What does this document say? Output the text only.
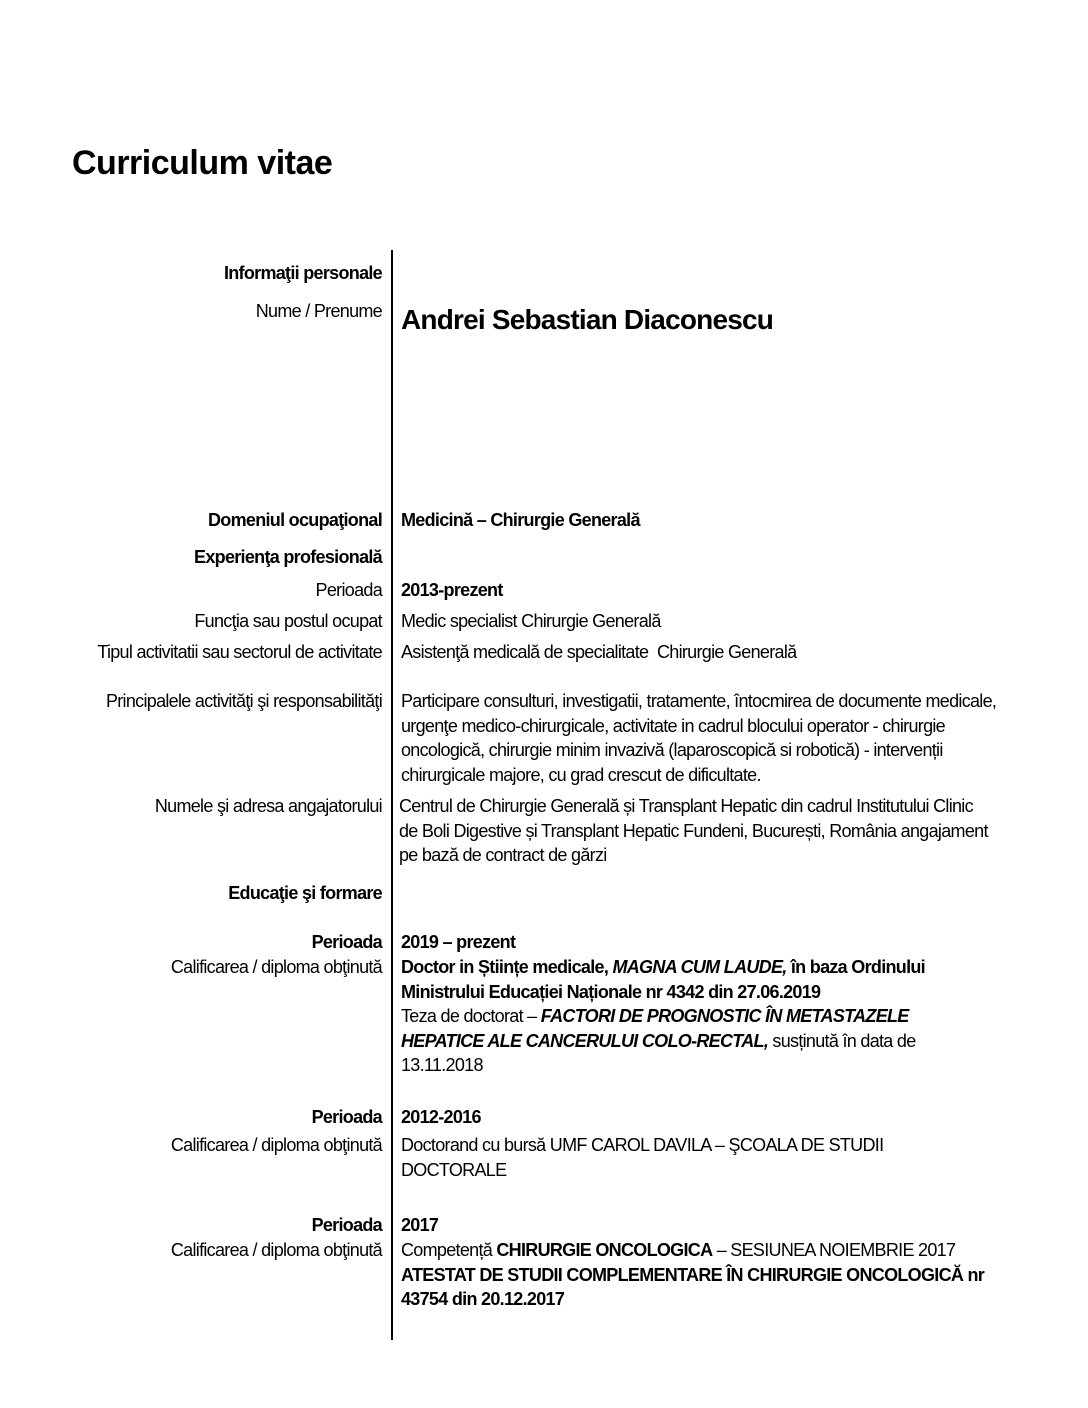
Curriculum vitae
Informaţii personale
Nume / Prenume Andrei Sebastian Diaconescu
Domeniul ocupaţional Medicină – Chirurgie Generală
Experienţa profesională
Perioada 2013-prezent
Funcţia sau postul ocupat Medic specialist Chirurgie Generală
Tipul activitatii sau sectorul de activitate Asistenţă medicală de specialitate  Chirurgie Generală
Principalele activităţi şi responsabilităţi Participare consulturi, investigatii, tratamente, întocmirea de documente medicale, urgenţe medico-chirurgicale, activitate in cadrul blocului operator - chirurgie oncologică, chirurgie minim invazivă (laparoscopică si robotică) - intervenții chirurgicale majore, cu grad crescut de dificultate.
Numele şi adresa angajatorului Centrul de Chirurgie Generală și Transplant Hepatic din cadrul Institutului Clinic de Boli Digestive și Transplant Hepatic Fundeni, București, România angajament pe bază de contract de gărzi
Educaţie şi formare
Perioada 2019 – prezent
Calificarea / diploma obţinută Doctor in Științe medicale, MAGNA CUM LAUDE, în baza Ordinului Ministrului Educației Naționale nr 4342 din 27.06.2019
Teza de doctorat – FACTORI DE PROGNOSTIC ÎN METASTAZELE HEPATICE ALE CANCERULUI COLO-RECTAL, susținută în data de 13.11.2018
Perioada 2012-2016
Calificarea / diploma obţinută Doctorand cu bursă UMF CAROL DAVILA – ŞCOALA DE STUDII DOCTORALE
Perioada 2017
Calificarea / diploma obţinută Competență CHIRURGIE ONCOLOGICA – SESIUNEA NOIEMBRIE 2017
ATESTAT DE STUDII COMPLEMENTARE ÎN CHIRURGIE ONCOLOGICĂ nr 43754 din 20.12.2017
